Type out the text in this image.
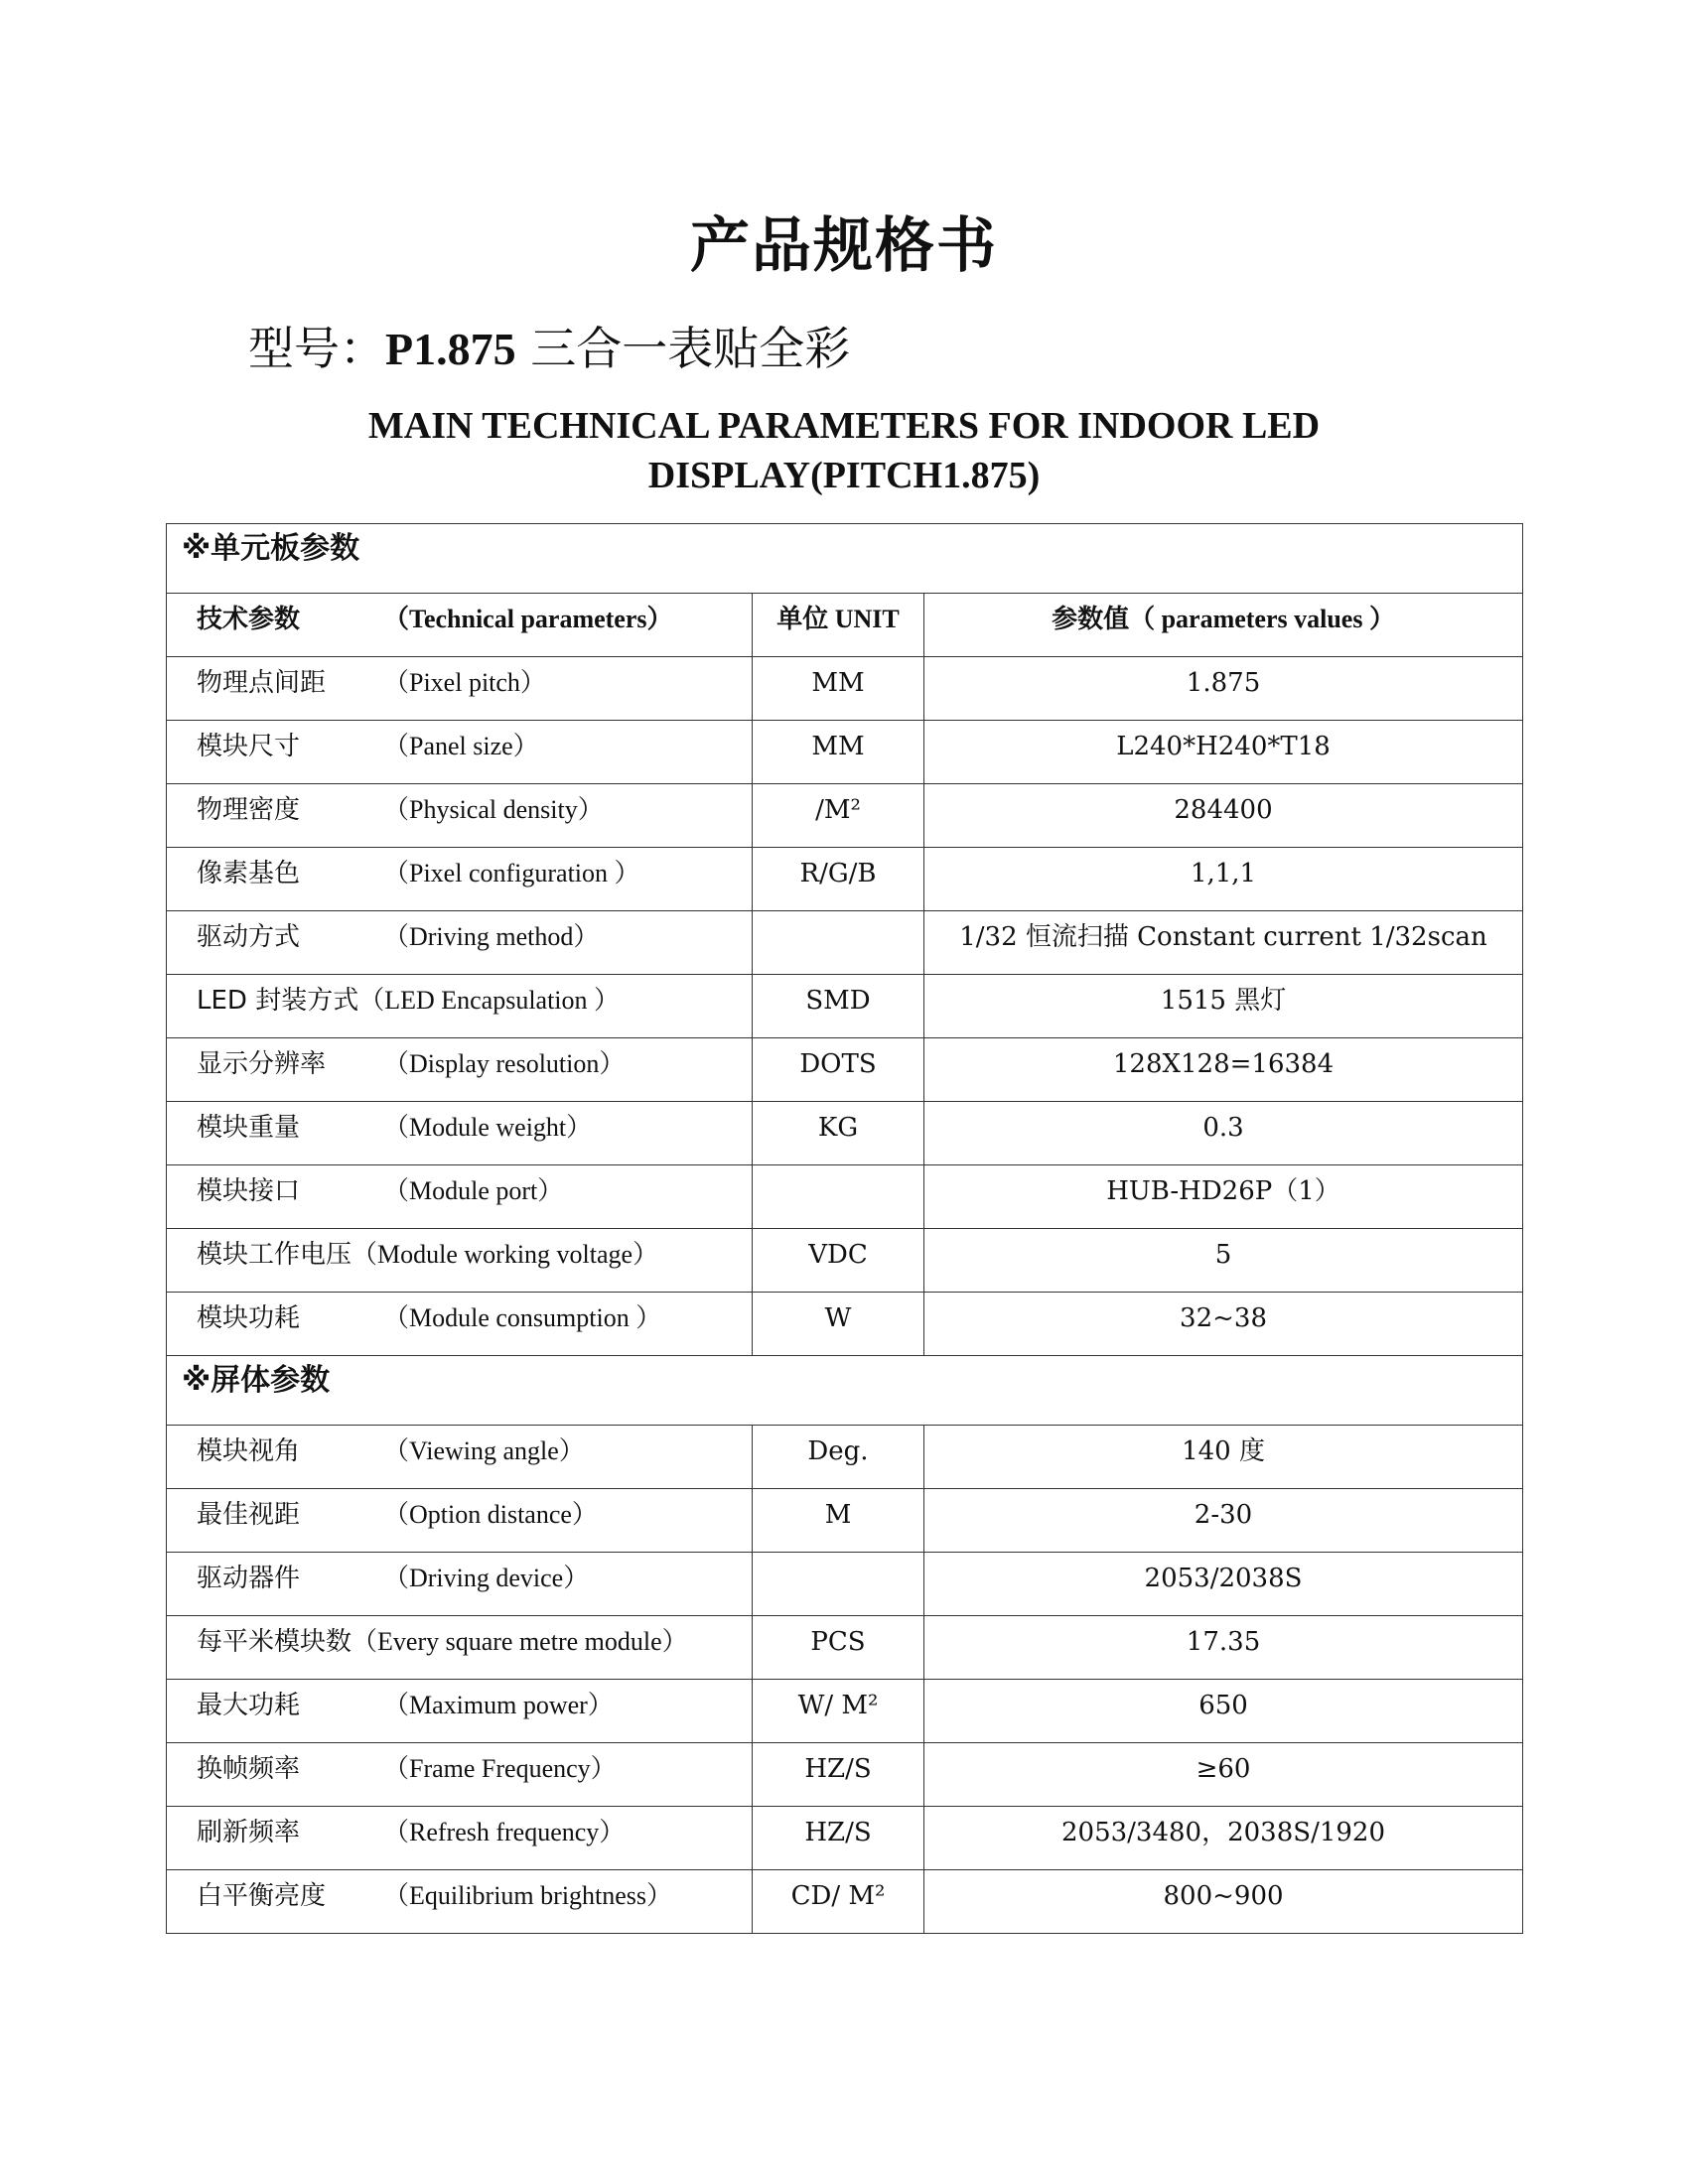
产品规格书
型号：P1.875 三合一表贴全彩
MAIN TECHNICAL PARAMETERS FOR INDOOR LED
DISPLAY(PITCH1.875)
※单元板参数		
技术参数 （Technical parameters）	单位 UNIT	参数值（ parameters values ）
物理点间距 （Pixel pitch）	MM	1.875
模块尺寸 （Panel size）	MM	L240*H240*T18
物理密度 （Physical density）	/M²	284400
像素基色 （Pixel configuration ）	R/G/B	1,1,1
驱动方式 （Driving method）		1/32 恒流扫描 Constant current 1/32scan
LED 封装方式（LED Encapsulation ）	SMD	1515 黑灯
显示分辨率 （Display resolution）	DOTS	128X128=16384
模块重量 （Module weight）	KG	0.3
模块接口 （Module port）		HUB-HD26P（1）
模块工作电压（Module working voltage）	VDC	5
模块功耗 （Module consumption ）	W	32~38
※屏体参数		
模块视角 （Viewing angle）	Deg.	140 度
最佳视距 （Option distance）	M	2-30
驱动器件 （Driving device）		2053/2038S
每平米模块数（Every square metre module）	PCS	17.35
最大功耗 （Maximum power）	W/ M²	650
换帧频率 （Frame Frequency）	HZ/S	≥60
刷新频率 （Refresh frequency）	HZ/S	2053/3480，2038S/1920
白平衡亮度 （Equilibrium brightness）	CD/ M²	800~900
